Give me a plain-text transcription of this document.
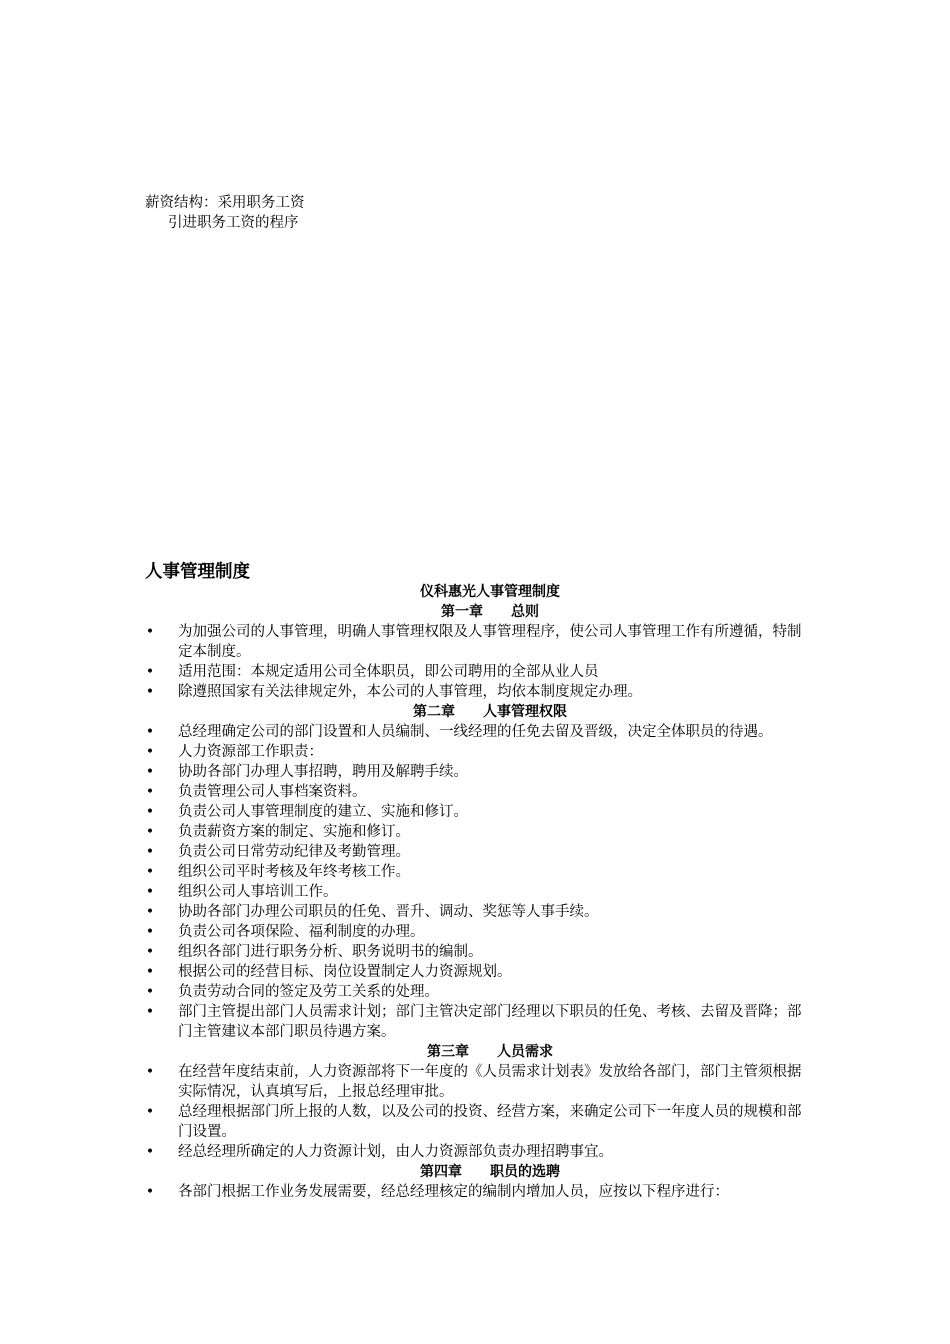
薪资结构：采用职务工资
引进职务工资的程序
人事管理制度
仪科惠光人事管理制度
第一章　　总则
• 为加强公司的人事管理，明确人事管理权限及人事管理程序，使公司人事管理工作有所遵循，特制定本制度。
• 适用范围：本规定适用公司全体职员，即公司聘用的全部从业人员
• 除遵照国家有关法律规定外，本公司的人事管理，均依本制度规定办理。
第二章　　人事管理权限
• 总经理确定公司的部门设置和人员编制、一线经理的任免去留及晋级，决定全体职员的待遇。
• 人力资源部工作职责：
• 协助各部门办理人事招聘，聘用及解聘手续。
• 负责管理公司人事档案资料。
• 负责公司人事管理制度的建立、实施和修订。
• 负责薪资方案的制定、实施和修订。
• 负责公司日常劳动纪律及考勤管理。
• 组织公司平时考核及年终考核工作。
• 组织公司人事培训工作。
• 协助各部门办理公司职员的任免、晋升、调动、奖惩等人事手续。
• 负责公司各项保险、福利制度的办理。
• 组织各部门进行职务分析、职务说明书的编制。
• 根据公司的经营目标、岗位设置制定人力资源规划。
• 负责劳动合同的签定及劳工关系的处理。
• 部门主管提出部门人员需求计划；部门主管决定部门经理以下职员的任免、考核、去留及晋降；部门主管建议本部门职员待遇方案。
第三章　　人员需求
• 在经营年度结束前，人力资源部将下一年度的《人员需求计划表》发放给各部门，部门主管须根据实际情况，认真填写后，上报总经理审批。
• 总经理根据部门所上报的人数，以及公司的投资、经营方案，来确定公司下一年度人员的规模和部门设置。
• 经总经理所确定的人力资源计划，由人力资源部负责办理招聘事宜。
第四章　　职员的选聘
• 各部门根据工作业务发展需要，经总经理核定的编制内增加人员，应按以下程序进行：
